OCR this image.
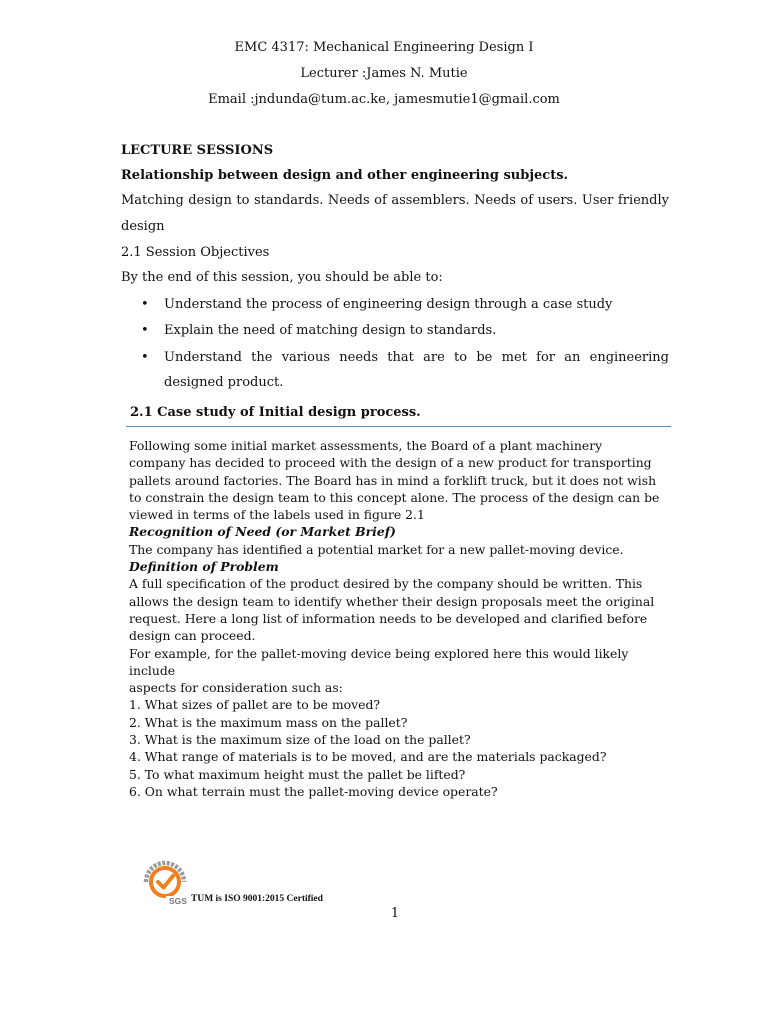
EMC 4317: Mechanical Engineering Design I
Lecturer :James N. Mutie
Email :jndunda@tum.ac.ke, jamesmutie1@gmail.com
LECTURE SESSIONS
Relationship between design and other engineering subjects.
Matching design to standards. Needs of assemblers. Needs of users. User friendly
design
2.1 Session Objectives
By the end of this session, you should be able to:
• Understand the process of engineering design through a case study
• Explain the need of matching design to standards.
• Understand the various needs that are to be met for an engineering
designed product.
2.1 Case study of Initial design process.
Following some initial market assessments, the Board of a plant machinery
company has decided to proceed with the design of a new product for transporting
pallets around factories. The Board has in mind a forklift truck, but it does not wish
to constrain the design team to this concept alone. The process of the design can be
viewed in terms of the labels used in figure 2.1
Recognition of Need (or Market Brief)
The company has identified a potential market for a new pallet-moving device.
Definition of Problem
A full specification of the product desired by the company should be written. This
allows the design team to identify whether their design proposals meet the original
request. Here a long list of information needs to be developed and clarified before
design can proceed.
For example, for the pallet-moving device being explored here this would likely
include
aspects for consideration such as:
1. What sizes of pallet are to be moved?
2. What is the maximum mass on the pallet?
3. What is the maximum size of the load on the pallet?
4. What range of materials is to be moved, and are the materials packaged?
5. To what maximum height must the pallet be lifted?
6. On what terrain must the pallet-moving device operate?
SGS TUM is ISO 9001:2015 Certified
1
